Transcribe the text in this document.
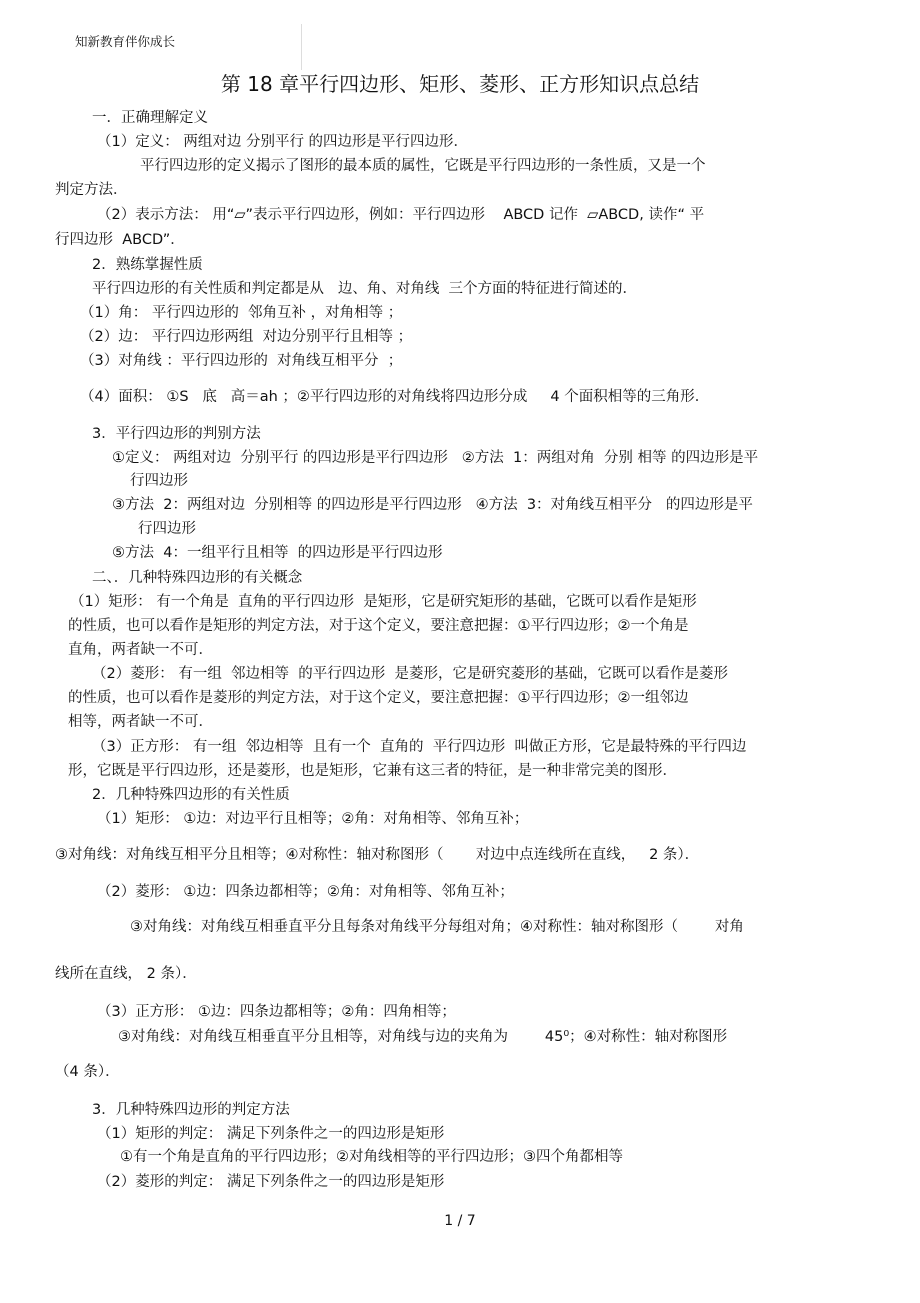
知新教育伴你成长
第 18 章平行四边形、矩形、菱形、正方形知识点总结
一．正确理解定义
（1）定义： 两组对边 分别平行 的四边形是平行四边形．
平行四边形的定义揭示了图形的最本质的属性，它既是平行四边形的一条性质，又是一个
判定方法．
（2）表示方法： 用“▱”表示平行四边形，例如：平行四边形    ABCD 记作  ▱ABCD, 读作“ 平
行四边形  ABCD”．
2．熟练掌握性质
平行四边形的有关性质和判定都是从   边、角、对角线  三个方面的特征进行简述的．
（1）角： 平行四边形的  邻角互补 ，对角相等 ；
（2）边： 平行四边形两组  对边分别平行且相等 ；
（3）对角线 ：平行四边形的  对角线互相平分  ；
（4）面积： ①S   底   高＝ah ；②平行四边形的对角线将四边形分成     4 个面积相等的三角形．
3．平行四边形的判别方法
①定义： 两组对边  分别平行 的四边形是平行四边形   ②方法  1：两组对角  分别 相等 的四边形是平
行四边形
③方法  2：两组对边  分别相等 的四边形是平行四边形   ④方法  3：对角线互相平分   的四边形是平
行四边形
⑤方法  4：一组平行且相等  的四边形是平行四边形
二、．几种特殊四边形的有关概念
（1）矩形： 有一个角是  直角的平行四边形  是矩形，它是研究矩形的基础，它既可以看作是矩形
的性质，也可以看作是矩形的判定方法，对于这个定义，要注意把握：①平行四边形；②一个角是
直角，两者缺一不可．
（2）菱形： 有一组  邻边相等  的平行四边形  是菱形，它是研究菱形的基础，它既可以看作是菱形
的性质，也可以看作是菱形的判定方法，对于这个定义，要注意把握：①平行四边形；②一组邻边
相等，两者缺一不可．
（3）正方形： 有一组  邻边相等  且有一个  直角的  平行四边形  叫做正方形，它是最特殊的平行四边
形，它既是平行四边形，还是菱形，也是矩形，它兼有这三者的特征，是一种非常完美的图形．
2．几种特殊四边形的有关性质
（1）矩形： ①边：对边平行且相等；②角：对角相等、邻角互补；
③对角线：对角线互相平分且相等；④对称性：轴对称图形（       对边中点连线所在直线，   2 条）．
（2）菱形： ①边：四条边都相等；②角：对角相等、邻角互补；
③对角线：对角线互相垂直平分且每条对角线平分每组对角；④对称性：轴对称图形（        对角
线所在直线， 2 条）．
（3）正方形： ①边：四条边都相等；②角：四角相等；
③对角线：对角线互相垂直平分且相等，对角线与边的夹角为        45⁰；④对称性：轴对称图形
（4 条）．
3．几种特殊四边形的判定方法
（1）矩形的判定： 满足下列条件之一的四边形是矩形
①有一个角是直角的平行四边形；②对角线相等的平行四边形；③四个角都相等
（2）菱形的判定： 满足下列条件之一的四边形是矩形
1 / 7
